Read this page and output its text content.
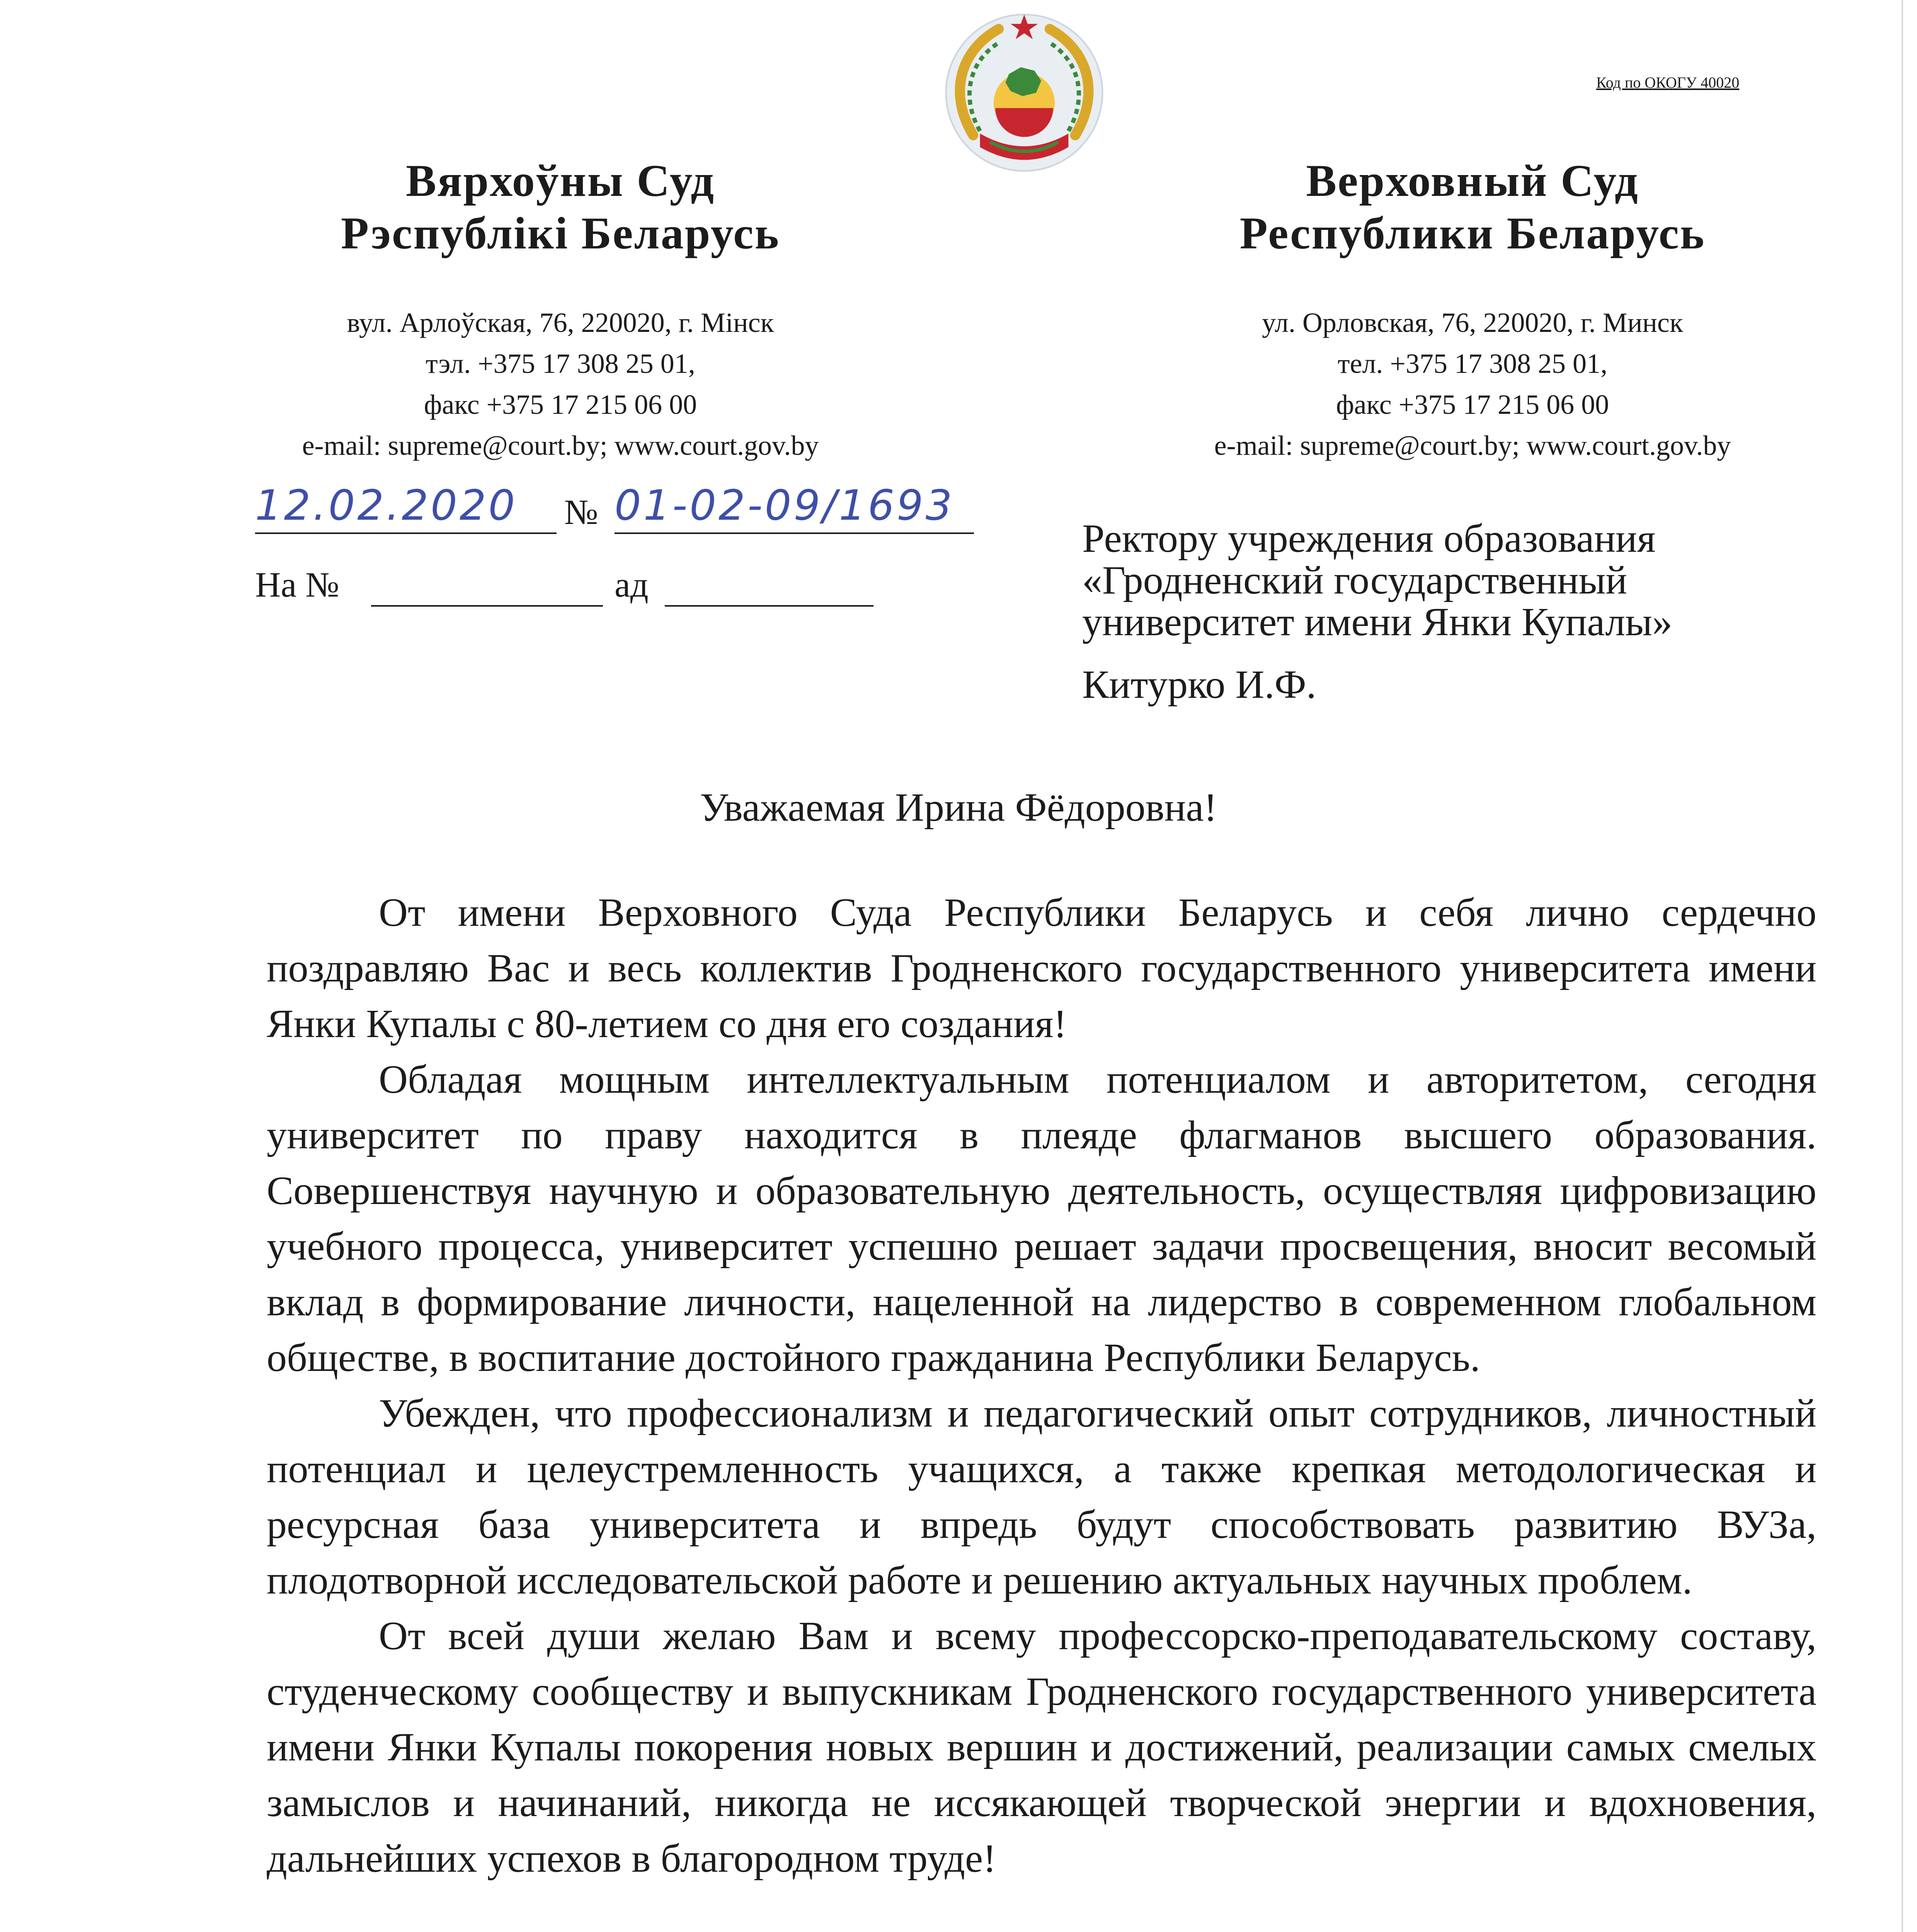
Код по ОКОГУ 40020
Вярхоўны Суд
Рэспублікі Беларусь
вул. Арлоўская, 76, 220020, г. Мінск
тэл. +375 17 308 25 01,
факс +375 17 215 06 00
e-mail: supreme@court.by; www.court.gov.by
Верховный Суд
Республики Беларусь
ул. Орловская, 76, 220020, г. Минск
тел. +375 17 308 25 01,
факс +375 17 215 06 00
e-mail: supreme@court.by; www.court.gov.by
12.02.2020 № 01-02-09/1693
На №	ад
Ректору учреждения образования
«Гродненский государственный
университет имени Янки Купалы»
Китурко И.Ф.
Уважаемая Ирина Фёдоровна!

От имени Верховного Суда Республики Беларусь и себя лично сердечно поздравляю Вас и весь коллектив Гродненского государственного университета имени Янки Купалы с 80-летием со дня его создания!

Обладая мощным интеллектуальным потенциалом и авторитетом, сегодня университет по праву находится в плеяде флагманов высшего образования. Совершенствуя научную и образовательную деятельность, осуществляя цифровизацию учебного процесса, университет успешно решает задачи просвещения, вносит весомый вклад в формирование личности, нацеленной на лидерство в современном глобальном обществе, в воспитание достойного гражданина Республики Беларусь.

Убежден, что профессионализм и педагогический опыт сотрудников, личностный потенциал и целеустремленность учащихся, а также крепкая методологическая и ресурсная база университета и впредь будут способствовать развитию ВУЗа, плодотворной исследовательской работе и решению актуальных научных проблем.

От всей души желаю Вам и всему профессорско-преподавательскому составу, студенческому сообществу и выпускникам Гродненского государственного университета имени Янки Купалы покорения новых вершин и достижений, реализации самых смелых замыслов и начинаний, никогда не иссякающей творческой энергии и вдохновения, дальнейших успехов в благородном труде!
